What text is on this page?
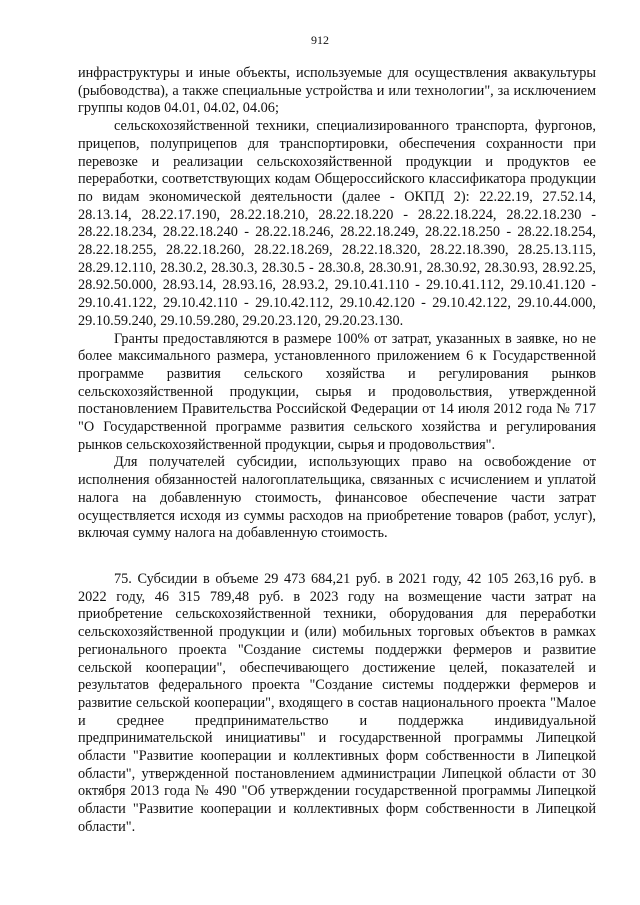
912

инфраструктуры и иные объекты, используемые для осуществления аквакультуры (рыбоводства), а также специальные устройства и или технологии", за исключением группы кодов 04.01, 04.02, 04.06;

сельскохозяйственной техники, специализированного транспорта, фургонов, прицепов, полуприцепов для транспортировки, обеспечения сохранности при перевозке и реализации сельскохозяйственной продукции и продуктов ее переработки, соответствующих кодам Общероссийского классификатора продукции по видам экономической деятельности (далее - ОКПД 2): 22.22.19, 27.52.14, 28.13.14, 28.22.17.190, 28.22.18.210, 28.22.18.220 - 28.22.18.224, 28.22.18.230 - 28.22.18.234, 28.22.18.240 - 28.22.18.246, 28.22.18.249, 28.22.18.250 - 28.22.18.254, 28.22.18.255, 28.22.18.260, 28.22.18.269, 28.22.18.320, 28.22.18.390, 28.25.13.115, 28.29.12.110, 28.30.2, 28.30.3, 28.30.5 - 28.30.8, 28.30.91, 28.30.92, 28.30.93, 28.92.25, 28.92.50.000, 28.93.14, 28.93.16, 28.93.2, 29.10.41.110 - 29.10.41.112, 29.10.41.120 - 29.10.41.122, 29.10.42.110 - 29.10.42.112, 29.10.42.120 - 29.10.42.122, 29.10.44.000, 29.10.59.240, 29.10.59.280, 29.20.23.120, 29.20.23.130.

Гранты предоставляются в размере 100% от затрат, указанных в заявке, но не более максимального размера, установленного приложением 6 к Государственной программе развития сельского хозяйства и регулирования рынков сельскохозяйственной продукции, сырья и продовольствия, утвержденной постановлением Правительства Российской Федерации от 14 июля 2012 года № 717 "О Государственной программе развития сельского хозяйства и регулирования рынков сельскохозяйственной продукции, сырья и продовольствия".

Для получателей субсидии, использующих право на освобождение от исполнения обязанностей налогоплательщика, связанных с исчислением и уплатой налога на добавленную стоимость, финансовое обеспечение части затрат осуществляется исходя из суммы расходов на приобретение товаров (работ, услуг), включая сумму налога на добавленную стоимость.

75. Субсидии в объеме 29 473 684,21 руб. в 2021 году, 42 105 263,16 руб. в 2022 году, 46 315 789,48 руб. в 2023 году на возмещение части затрат на приобретение сельскохозяйственной техники, оборудования для переработки сельскохозяйственной продукции и (или) мобильных торговых объектов в рамках регионального проекта "Создание системы поддержки фермеров и развитие сельской кооперации", обеспечивающего достижение целей, показателей и результатов федерального проекта "Создание системы поддержки фермеров и развитие сельской кооперации", входящего в состав национального проекта "Малое и среднее предпринимательство и поддержка индивидуальной предпринимательской инициативы" и государственной программы Липецкой области "Развитие кооперации и коллективных форм собственности в Липецкой области", утвержденной постановлением администрации Липецкой области от 30 октября 2013 года № 490 "Об утверждении государственной программы Липецкой области "Развитие кооперации и коллективных форм собственности в Липецкой области".
